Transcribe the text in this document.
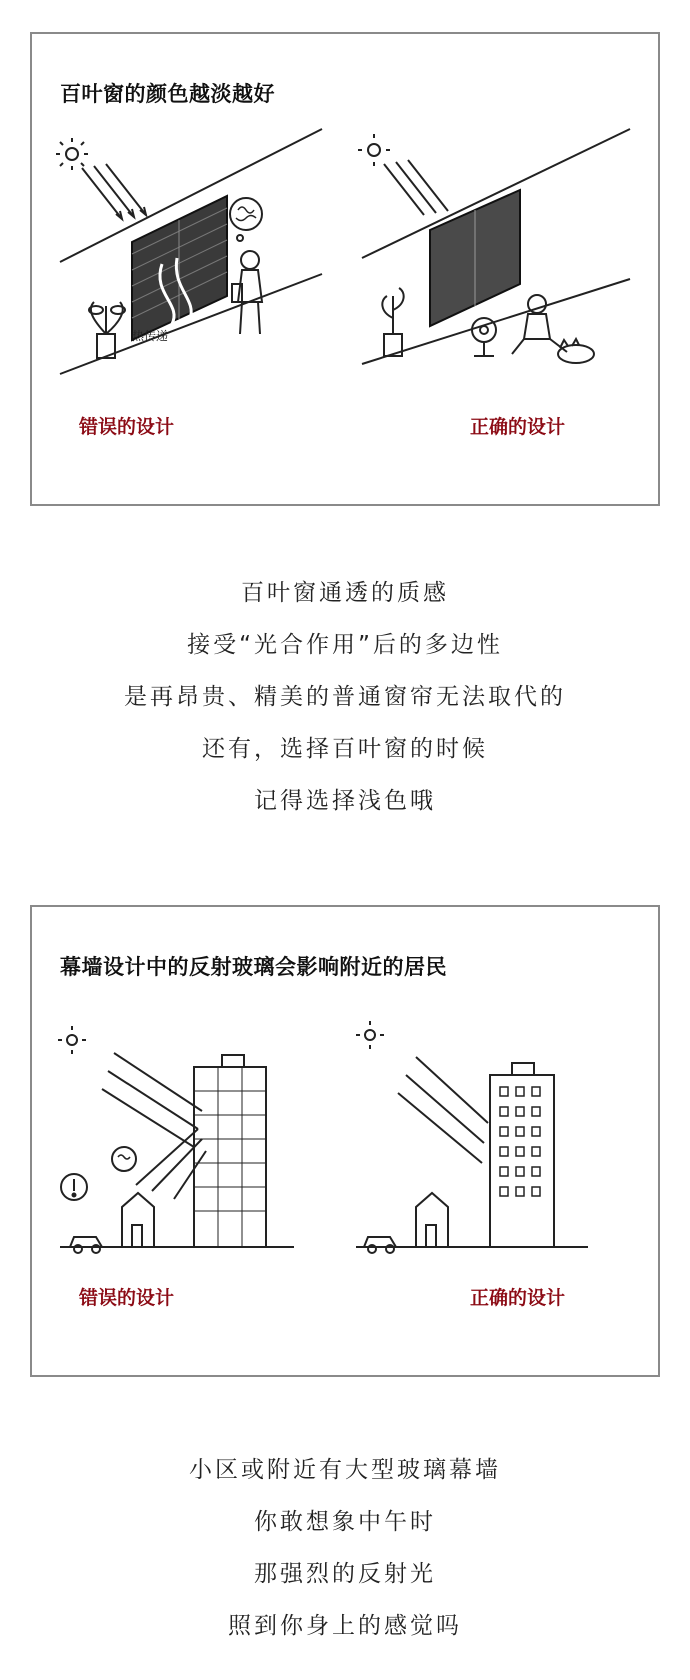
百叶窗的颜色越淡越好
热传递
错误的设计	正确的设计
百叶窗通透的质感
接受“光合作用”后的多边性
是再昂贵、精美的普通窗帘无法取代的
还有，选择百叶窗的时候
记得选择浅色哦
幕墙设计中的反射玻璃会影响附近的居民
错误的设计	正确的设计
小区或附近有大型玻璃幕墙
你敢想象中午时
那强烈的反射光
照到你身上的感觉吗
